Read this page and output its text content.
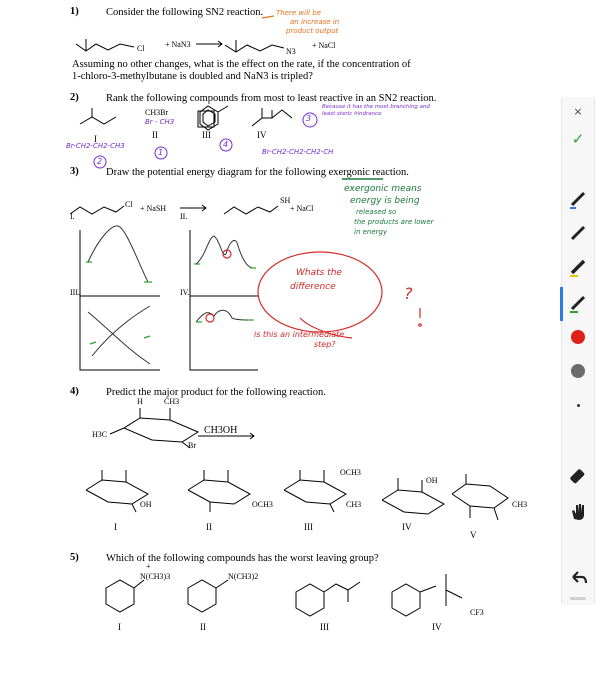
1)	Consider the following SN2 reaction.
Cl	+ NaN3
N3
+ NaCl
Assuming no other changes, what is the effect on the rate, if the concentration of
1-chloro-3-methylbutane is doubled and NaN3 is tripled?
There will be
an increase in
product output
2)	Rank the following compounds from most to least reactive in an SN2 reaction.
I	II	III	IV
CH3Br
Br - CH3
2
1
4
3
Br-CH2-CH2-CH3
Br-CH2-CH2-CH2-CH
Because it has the most branching and least steric hindrance
3)	Draw the potential energy diagram for the following exergonic reaction.
Cl + NaSH
SH
+ NaCl
I.	II.
III.	IV.
exergonic means
energy is being
released so
the products are lower
in energy
Whats the
difference
is this an intermediate
step?
?
4)	Predict the major product for the following reaction.
H	CH3
H3C
Br
CH3OH
OH	OCH3	CH3
OCH3
OH
CH3
I	II	III	IV
V
5)	Which of the following compounds has the worst leaving group?
+
N(CH3)3	N(CH3)2
CF3
I	II	III	IV
×
✓
